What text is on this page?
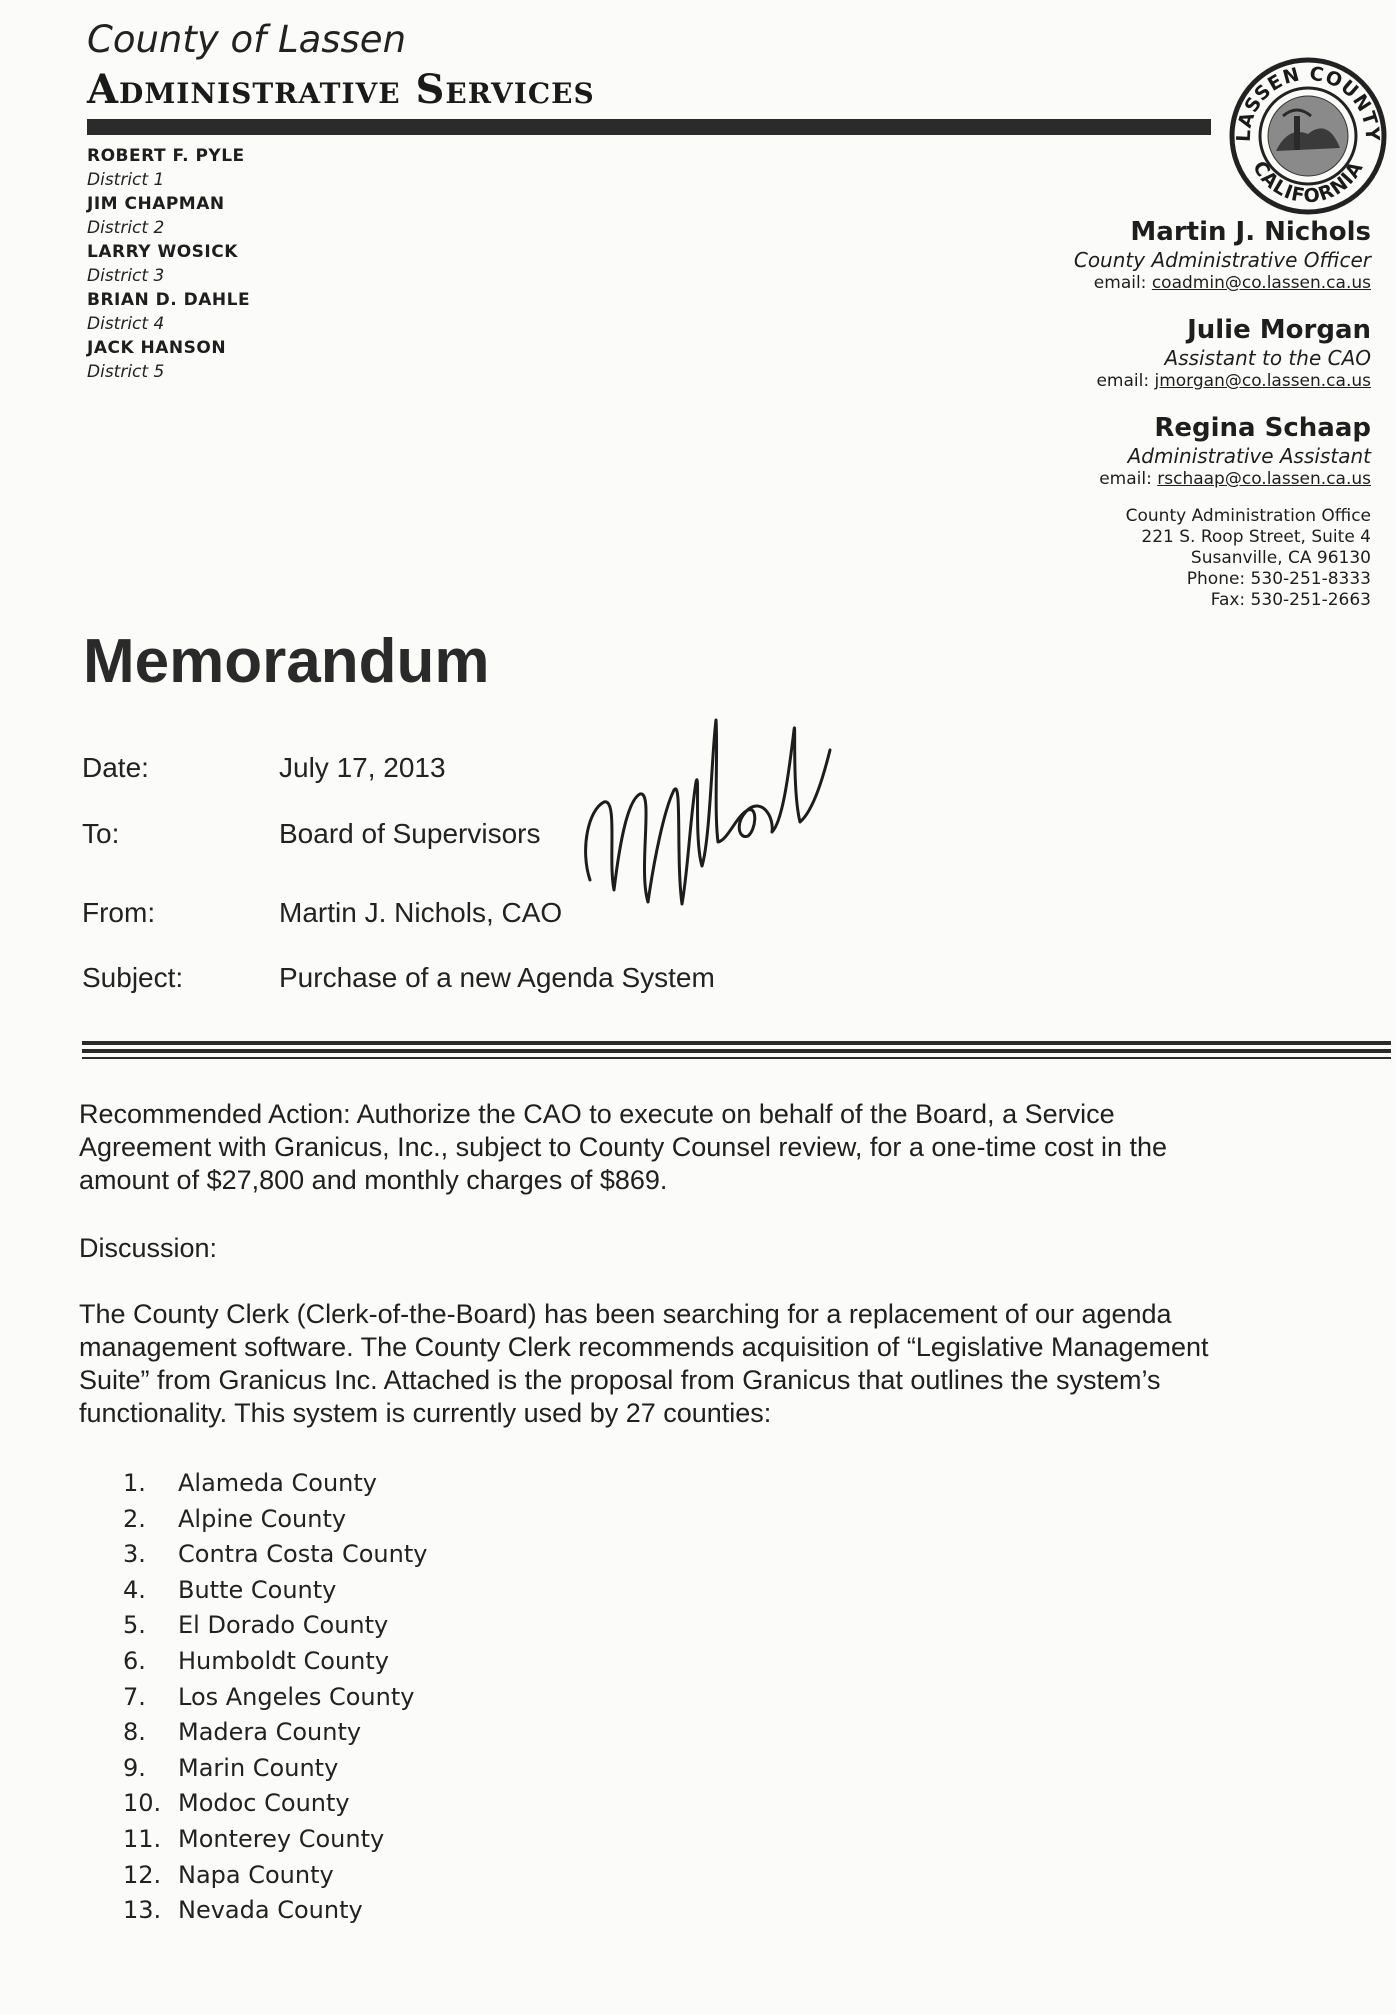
County of Lassen
Administrative Services
LASSEN COUNTY
CALIFORNIA
ROBERT F. PYLE
District 1
JIM CHAPMAN
District 2
LARRY WOSICK
District 3
BRIAN D. DAHLE
District 4
JACK HANSON
District 5
Martin J. Nichols
County Administrative Officer
email: coadmin@co.lassen.ca.us
Julie Morgan
Assistant to the CAO
email: jmorgan@co.lassen.ca.us
Regina Schaap
Administrative Assistant
email: rschaap@co.lassen.ca.us
County Administration Office
221 S. Roop Street, Suite 4
Susanville, CA 96130
Phone: 530-251-8333
Fax: 530-251-2663
Memorandum
Date:	July 17, 2013
To:	Board of Supervisors
From:	Martin J. Nichols, CAO
Subject:	Purchase of a new Agenda System
Recommended Action: Authorize the CAO to execute on behalf of the Board, a Service
Agreement with Granicus, Inc., subject to County Counsel review, for a one-time cost in the
amount of $27,800 and monthly charges of $869.
Discussion:
The County Clerk (Clerk-of-the-Board) has been searching for a replacement of our agenda
management software. The County Clerk recommends acquisition of “Legislative Management
Suite” from Granicus Inc. Attached is the proposal from Granicus that outlines the system’s
functionality. This system is currently used by 27 counties:
1.	Alameda County
2.	Alpine County
3.	Contra Costa County
4.	Butte County
5.	El Dorado County
6.	Humboldt County
7.	Los Angeles County
8.	Madera County
9.	Marin County
10. Modoc County
11. Monterey County
12. Napa County
13. Nevada County
